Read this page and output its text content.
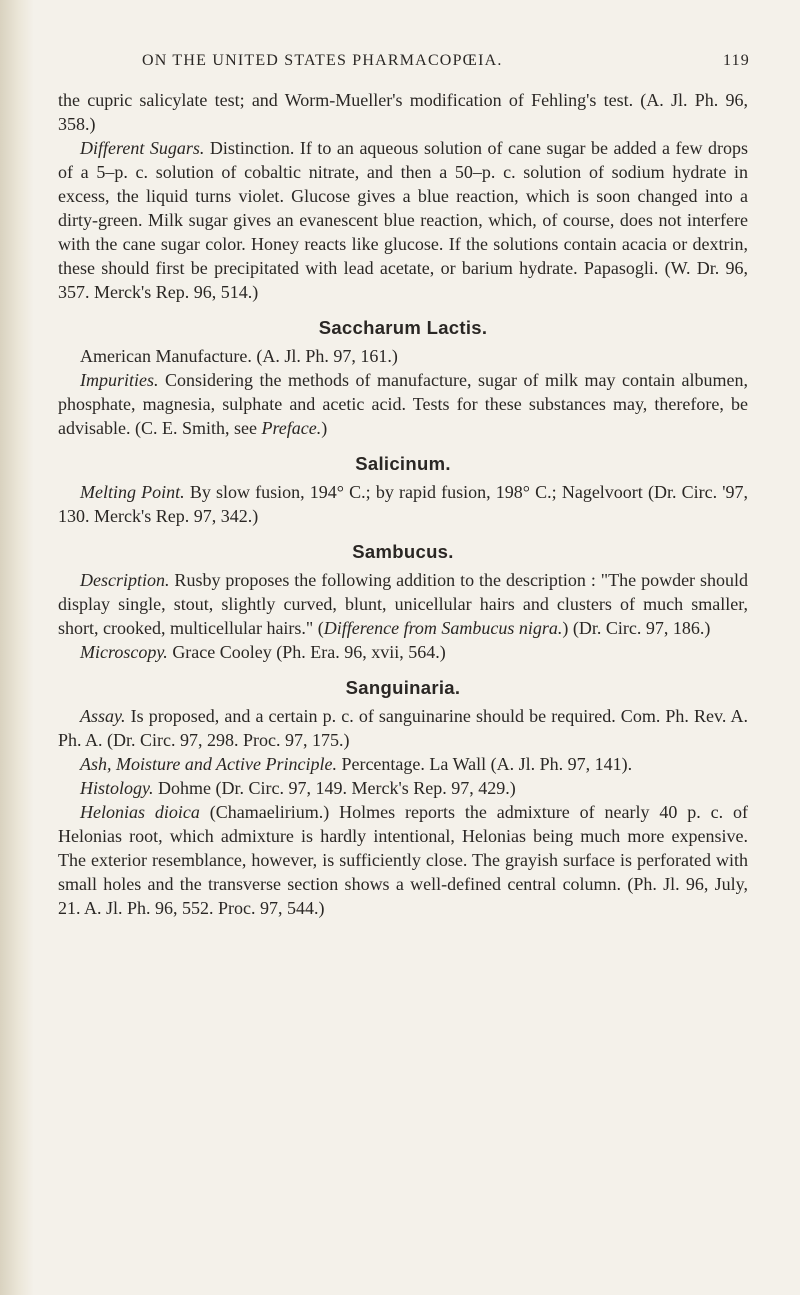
ON THE UNITED STATES PHARMACOPŒIA.	119

the cupric salicylate test; and Worm-Mueller's modification of Fehling's test. (A. Jl. Ph. 96, 358.)

Different Sugars. Distinction. If to an aqueous solution of cane sugar be added a few drops of a 5–p. c. solution of cobaltic nitrate, and then a 50–p. c. solution of sodium hydrate in excess, the liquid turns violet. Glucose gives a blue reaction, which is soon changed into a dirty-green. Milk sugar gives an evanescent blue reaction, which, of course, does not interfere with the cane sugar color. Honey reacts like glucose. If the solutions contain acacia or dextrin, these should first be precipitated with lead acetate, or barium hydrate. Papasogli. (W. Dr. 96, 357. Merck's Rep. 96, 514.)

Saccharum Lactis.

American Manufacture. (A. Jl. Ph. 97, 161.)

Impurities. Considering the methods of manufacture, sugar of milk may contain albumen, phosphate, magnesia, sulphate and acetic acid. Tests for these substances may, therefore, be advisable. (C. E. Smith, see Preface.)

Salicinum.

Melting Point. By slow fusion, 194° C.; by rapid fusion, 198° C.; Nagelvoort (Dr. Circ. '97, 130. Merck's Rep. 97, 342.)

Sambucus.

Description. Rusby proposes the following addition to the description : "The powder should display single, stout, slightly curved, blunt, unicellular hairs and clusters of much smaller, short, crooked, multicellular hairs." (Difference from Sambucus nigra.) (Dr. Circ. 97, 186.)

Microscopy. Grace Cooley (Ph. Era. 96, xvii, 564.)

Sanguinaria.

Assay. Is proposed, and a certain p. c. of sanguinarine should be required. Com. Ph. Rev. A. Ph. A. (Dr. Circ. 97, 298. Proc. 97, 175.)

Ash, Moisture and Active Principle. Percentage. La Wall (A. Jl. Ph. 97, 141).

Histology. Dohme (Dr. Circ. 97, 149. Merck's Rep. 97, 429.)

Helonias dioica (Chamaelirium.) Holmes reports the admixture of nearly 40 p. c. of Helonias root, which admixture is hardly intentional, Helonias being much more expensive. The exterior resemblance, however, is sufficiently close. The grayish surface is perforated with small holes and the transverse section shows a well-defined central column. (Ph. Jl. 96, July, 21. A. Jl. Ph. 96, 552. Proc. 97, 544.)
